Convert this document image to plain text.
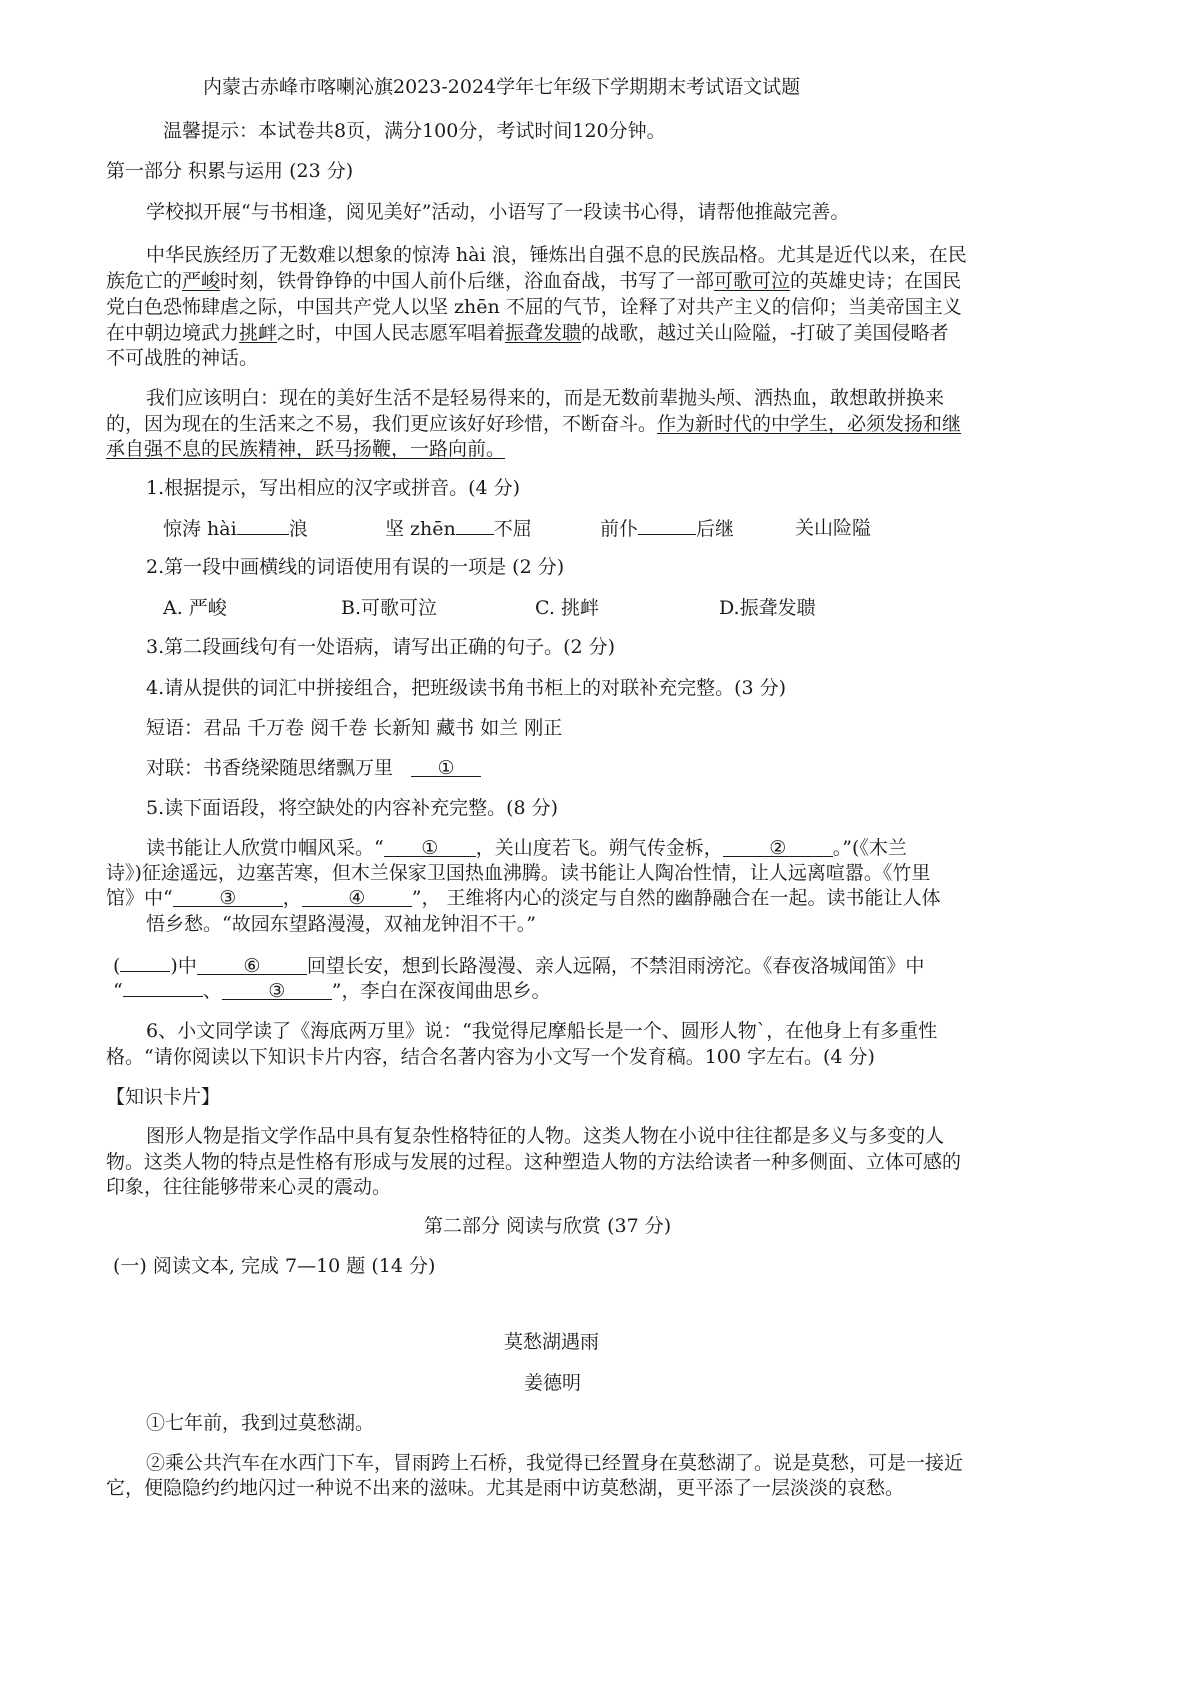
内蒙古赤峰市喀喇沁旗2023-2024学年七年级下学期期末考试语文试题
温馨提示：本试卷共8页，满分100分，考试时间120分钟。
第一部分 积累与运用 (23 分)
学校拟开展“与书相逢，阅见美好”活动，小语写了一段读书心得，请帮他推敲完善。
中华民族经历了无数难以想象的惊涛 hài 浪，锤炼出自强不息的民族品格。尤其是近代以来，在民
族危亡的严峻时刻，铁骨铮铮的中国人前仆后继，浴血奋战，书写了一部可歌可泣的英雄史诗；在国民
党白色恐怖肆虐之际，中国共产党人以坚 zhēn 不屈的气节，诠释了对共产主义的信仰；当美帝国主义
在中朝边境武力挑衅之时，中国人民志愿军唱着振聋发聩的战歌，越过关山险隘，-打破了美国侵略者
不可战胜的神话。
我们应该明白：现在的美好生活不是轻易得来的，而是无数前辈抛头颅、洒热血，敢想敢拼换来
的，因为现在的生活来之不易，我们更应该好好珍惜，不断奋斗。作为新时代的中学生，必须发扬和继
承自强不息的民族精神，跃马扬鞭，一路向前。
1.根据提示，写出相应的汉字或拼音。(4 分)
惊涛 hài	浪	坚 zhēn 不屈	前仆	后继	关山险隘
2.第一段中画横线的词语使用有误的一项是 (2 分)
A. 严峻	B.可歌可泣	C. 挑衅	D.振聋发聩
3.第二段画线句有一处语病，请写出正确的句子。(2 分)
4.请从提供的词汇中拼接组合，把班级读书角书柜上的对联补充完整。(3 分)
短语：君品 千万卷 阅千卷 长新知 藏书 如兰 刚正
对联：书香绕梁随思绪飘万里 ①
5.读下面语段，将空缺处的内容补充完整。(8 分)
读书能让人欣赏巾帼风采。“ ① ，关山度若飞。朔气传金柝， ② 。”(《木兰
诗》)征途遥远，边塞苦寒，但木兰保家卫国热血沸腾。读书能让人陶冶性情，让人远离喧嚣。《竹里
馆》中“ ③ ， ④ ”， 王维将内心的淡定与自然的幽静融合在一起。读书能让人体
悟乡愁。“故园东望路漫漫，双袖龙钟泪不干。”
(	)中 ⑥ 回望长安，想到长路漫漫、亲人远隔，不禁泪雨滂沱。《春夜洛城闻笛》中
“	、 ③ ”，李白在深夜闻曲思乡。
6、小文同学读了《海底两万里》说：“我觉得尼摩船长是一个、圆形人物`，在他身上有多重性
格。“请你阅读以下知识卡片内容，结合名著内容为小文写一个发育稿。100 字左右。(4 分)
【知识卡片】
图形人物是指文学作品中具有复杂性格特征的人物。这类人物在小说中往往都是多义与多变的人
物。这类人物的特点是性格有形成与发展的过程。这种塑造人物的方法给读者一种多侧面、立体可感的
印象，往往能够带来心灵的震动。
第二部分 阅读与欣赏 (37 分)
(一) 阅读文本, 完成 7—10 题 (14 分)
莫愁湖遇雨
姜德明
①七年前，我到过莫愁湖。
②乘公共汽车在水西门下车，冒雨跨上石桥，我觉得已经置身在莫愁湖了。说是莫愁，可是一接近
它，便隐隐约约地闪过一种说不出来的滋味。尤其是雨中访莫愁湖，更平添了一层淡淡的哀愁。
